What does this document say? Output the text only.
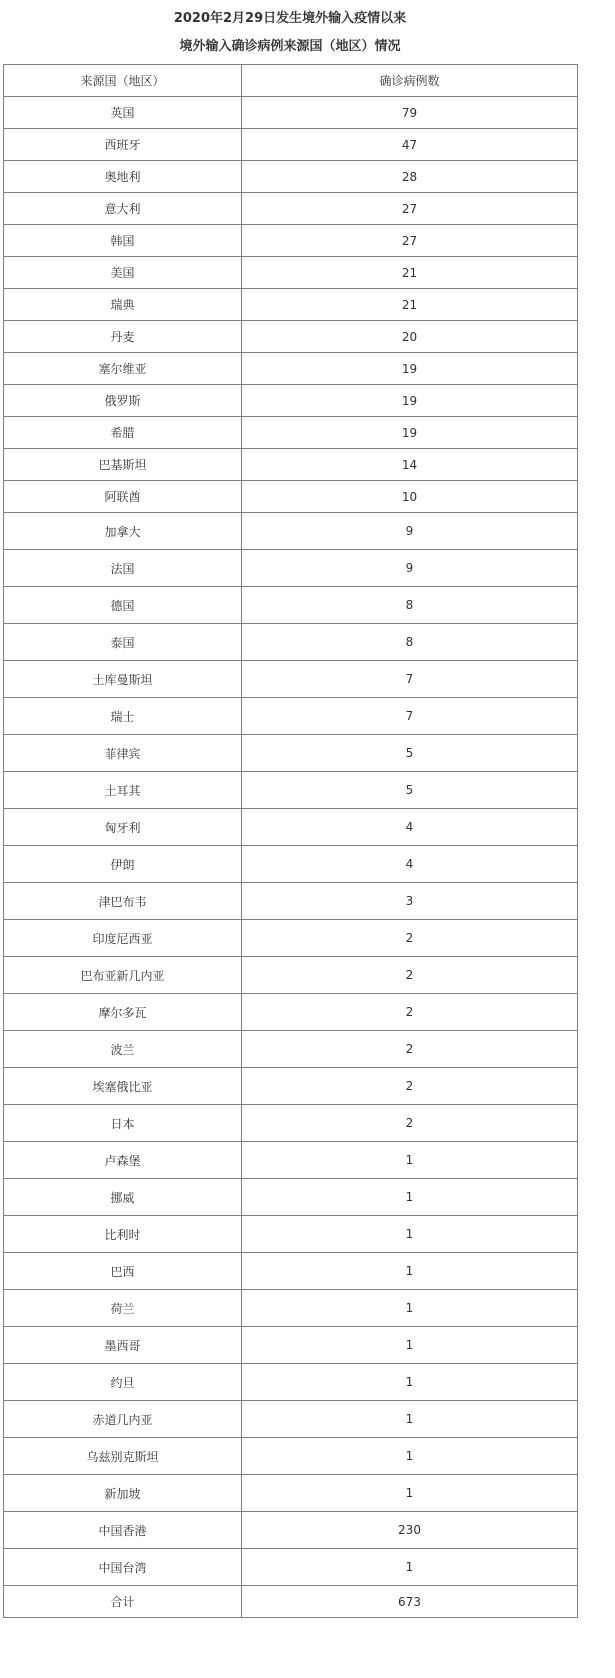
2020年2月29日发生境外输入疫情以来
境外输入确诊病例来源国（地区）情况
来源国（地区）	确诊病例数
英国	79
西班牙	47
奥地利	28
意大利	27
韩国	27
美国	21
瑞典	21
丹麦	20
塞尔维亚	19
俄罗斯	19
希腊	19
巴基斯坦	14
阿联酋	10
加拿大	9
法国	9
德国	8
泰国	8
土库曼斯坦	7
瑞士	7
菲律宾	5
土耳其	5
匈牙利	4
伊朗	4
津巴布韦	3
印度尼西亚	2
巴布亚新几内亚	2
摩尔多瓦	2
波兰	2
埃塞俄比亚	2
日本	2
卢森堡	1
挪威	1
比利时	1
巴西	1
荷兰	1
墨西哥	1
约旦	1
赤道几内亚	1
乌兹别克斯坦	1
新加坡	1
中国香港	230
中国台湾	1
合计	673
